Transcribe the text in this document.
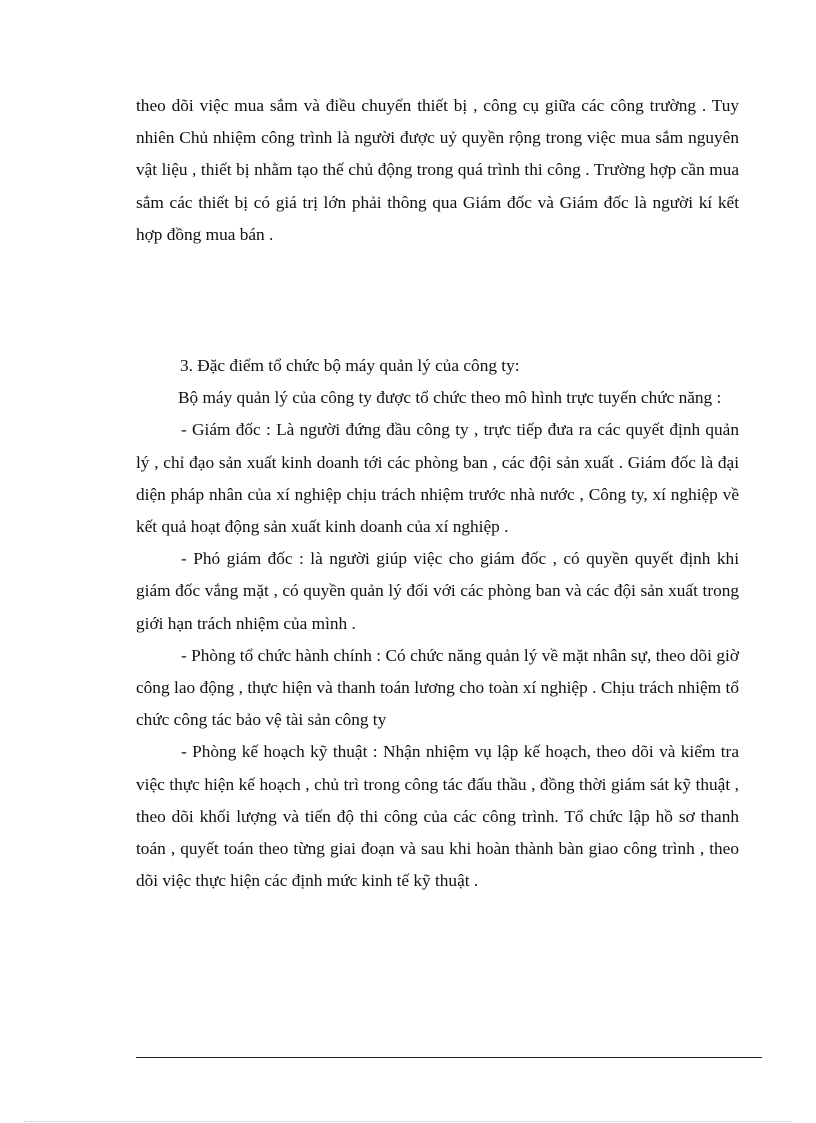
theo dõi việc mua sắm và điều chuyển thiết bị , công cụ giữa các công trường . Tuy nhiên Chủ nhiệm công trình là người được uỷ quyền rộng trong việc mua sắm nguyên vật liệu , thiết bị nhằm tạo thế chủ động trong quá trình thi công . Trường hợp cần mua sắm các thiết bị có giá trị lớn phải thông qua Giám đốc và Giám đốc là người kí kết hợp đồng mua bán .

3. Đặc điểm tổ chức bộ máy quản lý của công ty:

Bộ máy quản lý của công ty được tổ chức theo mô hình trực tuyến chức năng :

- Giám đốc : Là người đứng đầu công ty , trực tiếp đưa ra các quyết định quản lý , chỉ đạo sản xuất kinh doanh tới các phòng ban , các đội sản xuất . Giám đốc là đại diện pháp nhân của xí nghiệp chịu trách nhiệm trước nhà nước , Công ty, xí nghiệp về kết quả hoạt động sản xuất kinh doanh của xí nghiệp .

- Phó giám đốc : là người giúp việc cho giám đốc , có quyền quyết định khi giám đốc vắng mặt , có quyền quản lý đối với các phòng ban và các đội sản xuất trong giới hạn trách nhiệm của mình .

- Phòng tổ chức hành chính : Có chức năng quản lý về mặt nhân sự, theo dõi giờ công lao động , thực hiện và thanh toán lương cho toàn xí nghiệp . Chịu trách nhiệm tổ chức công tác bảo vệ tài sản công ty

- Phòng kế hoạch kỹ thuật : Nhận nhiệm vụ lập kế hoạch, theo dõi và kiểm tra việc thực hiện kế hoạch , chủ trì trong công tác đấu thầu , đồng thời giám sát kỹ thuật , theo dõi khối lượng và tiến độ thi công của các công trình. Tổ chức lập hồ sơ thanh toán , quyết toán theo từng giai đoạn và sau khi hoàn thành bàn giao công trình , theo dõi việc thực hiện các định mức kinh tế kỹ thuật .
